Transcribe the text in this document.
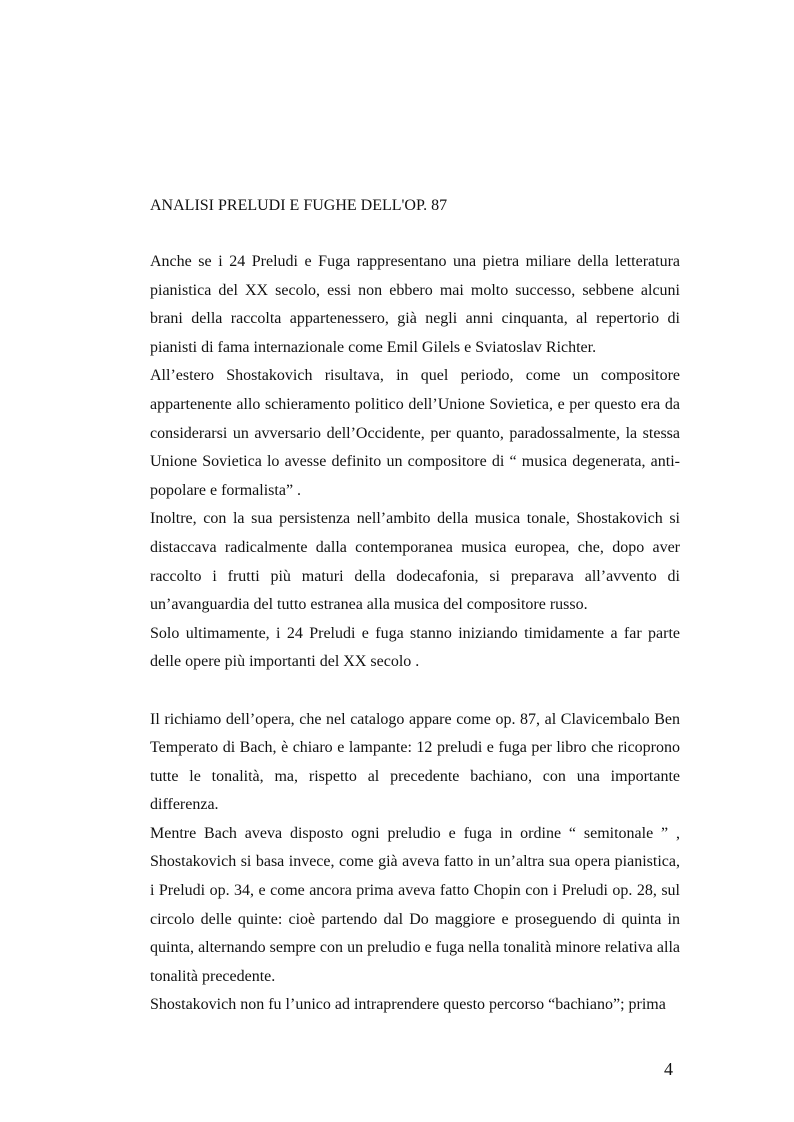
ANALISI PRELUDI E FUGHE DELL'OP. 87

Anche se i 24 Preludi e Fuga rappresentano una pietra miliare della letteratura pianistica del XX secolo, essi non ebbero mai molto successo, sebbene alcuni brani della raccolta appartenessero, già negli anni cinquanta, al repertorio di pianisti di fama internazionale come Emil Gilels e Sviatoslav Richter.

All’estero Shostakovich risultava, in quel periodo, come un compositore appartenente allo schieramento politico dell’Unione Sovietica, e per questo era da considerarsi un avversario dell’Occidente, per quanto, paradossalmente, la stessa Unione Sovietica lo avesse definito un compositore di “ musica degenerata, anti-popolare e formalista” .

Inoltre, con la sua persistenza nell’ambito della musica tonale, Shostakovich si distaccava radicalmente dalla contemporanea musica europea, che, dopo aver raccolto i frutti più maturi della dodecafonia, si preparava all’avvento di un’avanguardia del tutto estranea alla musica del compositore russo.

Solo ultimamente, i 24 Preludi e fuga stanno iniziando timidamente a far parte delle opere più importanti del XX secolo .

Il richiamo dell’opera, che nel catalogo appare come op. 87, al Clavicembalo Ben Temperato di Bach, è chiaro e lampante: 12 preludi e fuga per libro che ricoprono tutte le tonalità, ma, rispetto al precedente bachiano, con una importante differenza.

Mentre Bach aveva disposto ogni preludio e fuga in ordine “ semitonale ” , Shostakovich si basa invece, come già aveva fatto in un’altra sua opera pianistica, i Preludi op. 34, e come ancora prima aveva fatto Chopin con i Preludi op. 28, sul circolo delle quinte: cioè partendo dal Do maggiore e proseguendo di quinta in quinta, alternando sempre con un preludio e fuga nella tonalità minore relativa alla tonalità precedente.

Shostakovich non fu l’unico ad intraprendere questo percorso “bachiano”; prima

4
